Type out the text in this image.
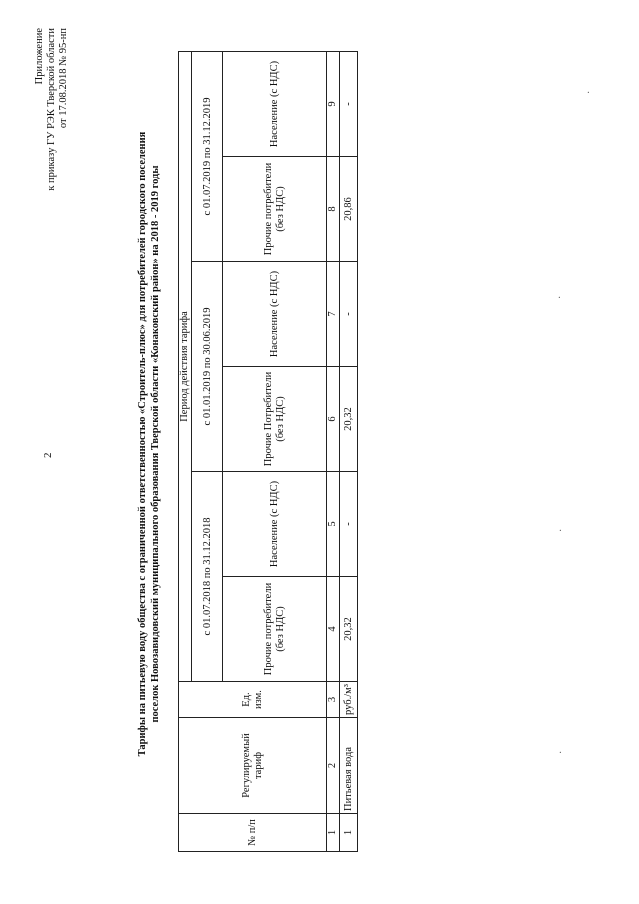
2
Приложение к приказу ГУ РЭК Тверской области от 17.08.2018 № 95-нп
Тарифы на питьевую воду общества с ограниченной ответственностью «Строитель-плюс» для потребителей городского поселения поселок Новозавидовский муниципального образования Тверской области «Конаковский район» на 2018 - 2019 годы
№ п/п	Регулируемый тариф	Ед. изм.	Период действия тарифа					
			с 01.07.2018 по 31.12.2018		с 01.01.2019 по 30.06.2019		с 01.07.2019 по 31.12.2019	
			Прочие потребители (без НДС)	Население (с НДС)	Прочие Потребители (без НДС)	Население (с НДС)	Прочие потребители (без НДС)	Население (с НДС)
1	2	3	4	5	6	7	8	9
1	Питьевая вода	руб./м³	20,32	-	20,32	-	20,86	-
·
·
·
·
